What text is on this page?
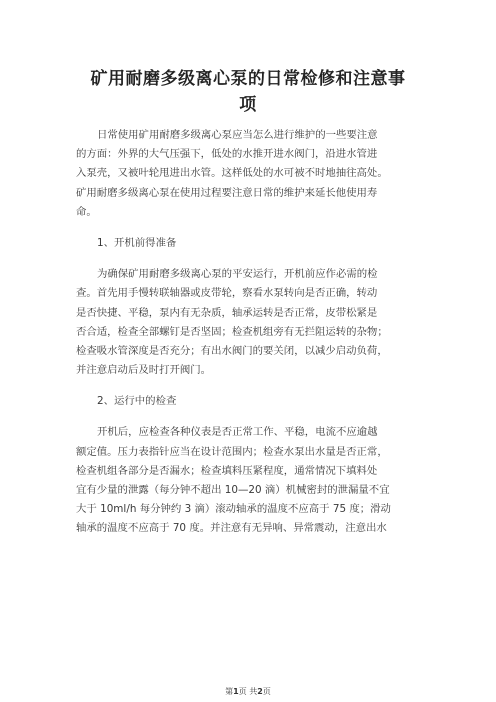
矿用耐磨多级离心泵的日常检修和注意事
项
日常使用矿用耐磨多级离心泵应当怎么进行维护的一些要注意
的方面：外界的大气压强下，低处的水推开进水阀门，沿进水管进
入泵壳，又被叶轮甩进出水管。这样低处的水可被不时地抽往高处。
矿用耐磨多级离心泵在使用过程要注意日常的维护来延长他使用寿
命。
1、开机前得准备
为确保矿用耐磨多级离心泵的平安运行，开机前应作必需的检
查。首先用手慢转联轴器或皮带轮，察看水泵转向是否正确，转动
是否快捷、平稳，泵内有无杂质，轴承运转是否正常，皮带松紧是
否合适，检查全部螺钉是否坚固；检查机组旁有无拦阻运转的杂物；
检查吸水管深度是否充分；有出水阀门的要关闭，以减少启动负荷，
并注意启动后及时打开阀门。
2、运行中的检查
开机后，应检查各种仪表是否正常工作、平稳，电流不应逾越
额定值。压力表指针应当在设计范围内；检查水泵出水量是否正常，
检查机组各部分是否漏水；检查填料压紧程度，通常情况下填料处
宜有少量的泄露（每分钟不超出 10—20 滴）机械密封的泄漏量不宜
大于 10ml/h 每分钟约 3 滴）滚动轴承的温度不应高于 75 度；滑动
轴承的温度不应高于 70 度。并注意有无异响、异常震动，注意出水
第1页 共2页
